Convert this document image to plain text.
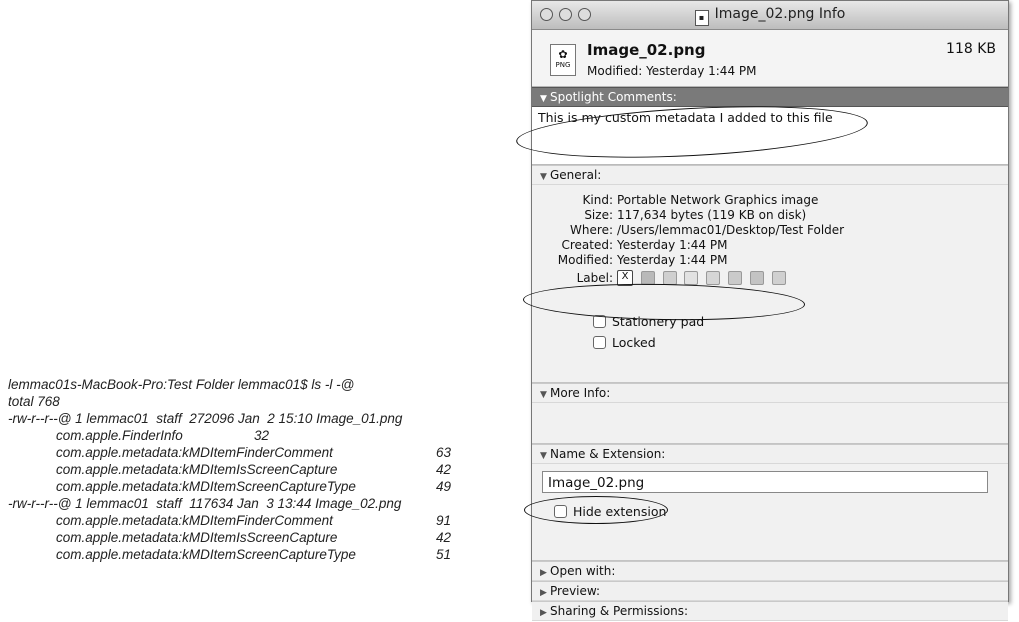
lemmac01s-MacBook-Pro:Test Folder lemmac01$ ls -l -@
total 768
-rw-r--r--@ 1 lemmac01  staff  272096 Jan  2 15:10 Image_01.png
com.apple.FinderInfo	32
com.apple.metadata:kMDItemFinderComment	63
com.apple.metadata:kMDItemIsScreenCapture	42
com.apple.metadata:kMDItemScreenCaptureType	49
-rw-r--r--@ 1 lemmac01  staff  117634 Jan  3 13:44 Image_02.png
com.apple.metadata:kMDItemFinderComment	91
com.apple.metadata:kMDItemIsScreenCapture	42
com.apple.metadata:kMDItemScreenCaptureType	51
▪ Image_02.png Info
✿
PNG
Image_02.png	118 KB
Modified: Yesterday 1:44 PM
▼ Spotlight Comments:
This is my custom metadata I added to this file
▼ General:
Kind: Portable Network Graphics image
Size: 117,634 bytes (119 KB on disk)
Where: /Users/lemmac01/Desktop/Test Folder
Created: Yesterday 1:44 PM
Modified: Yesterday 1:44 PM
Label: X
Stationery pad
Locked
▼ More Info:
▼ Name & Extension:
Image_02.png
Hide extension
▶ Open with:
▶ Preview:
▶ Sharing & Permissions:
